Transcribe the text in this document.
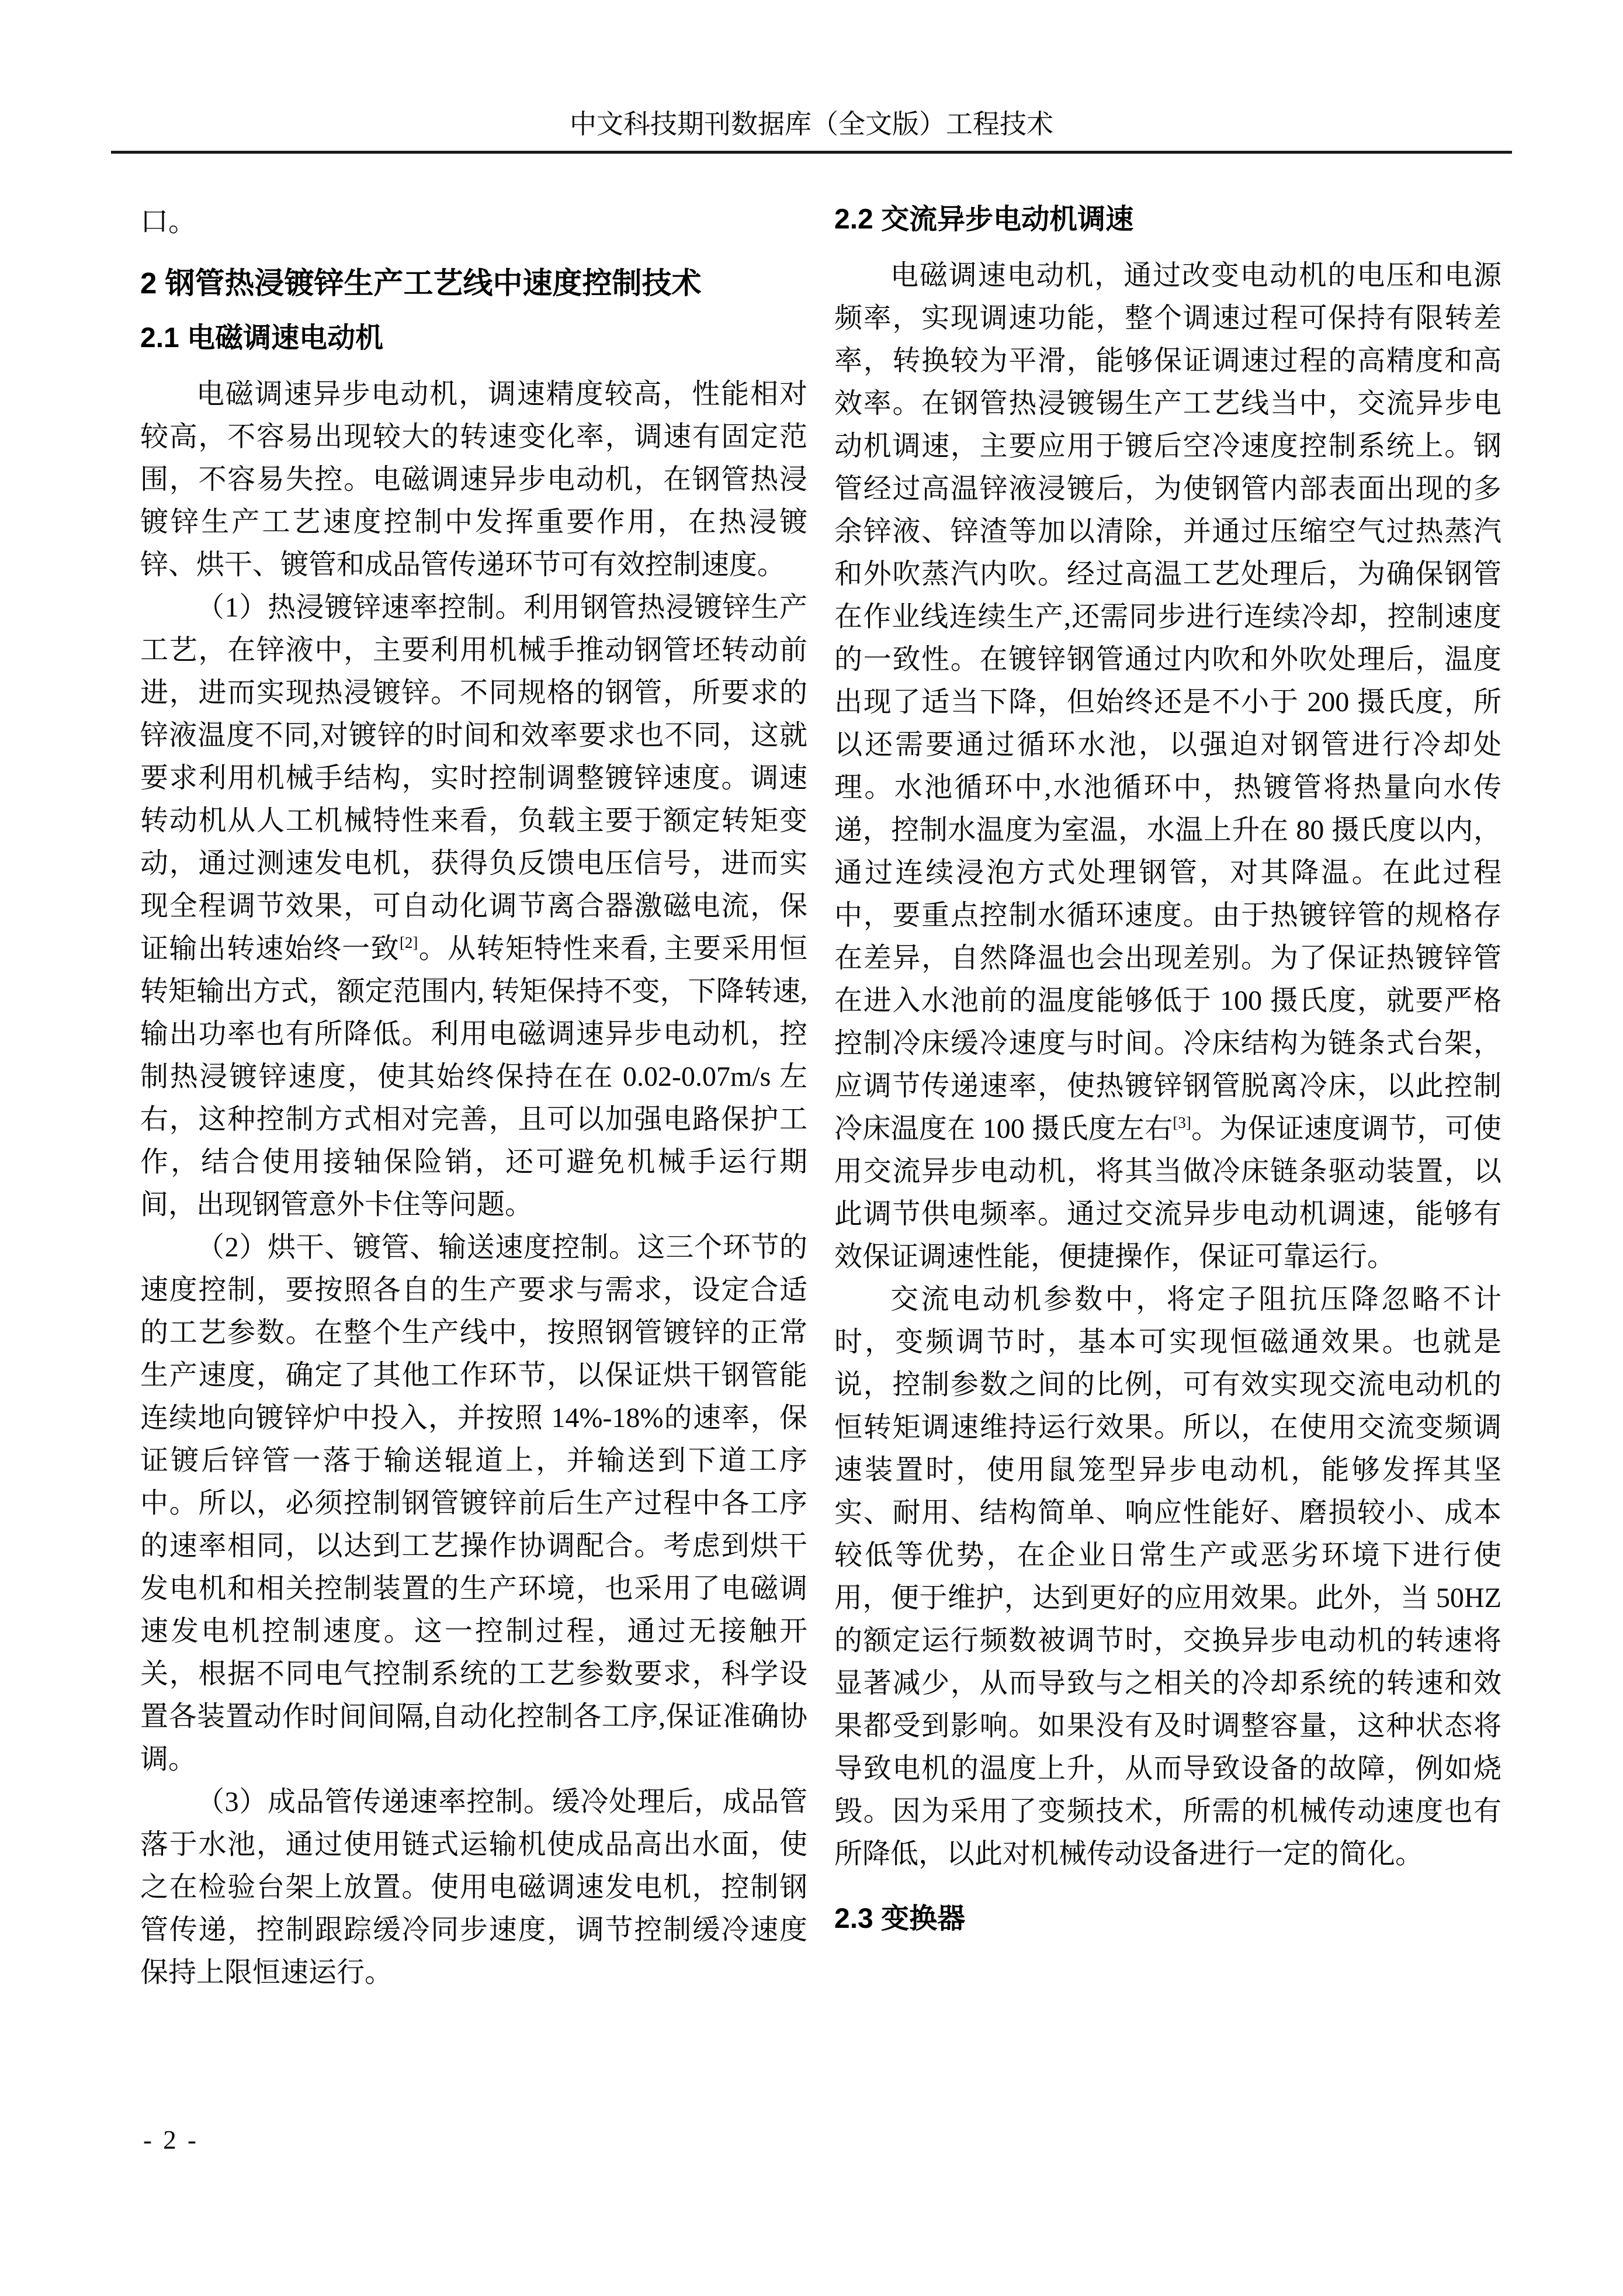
中文科技期刊数据库（全文版）工程技术

口。

2 钢管热浸镀锌生产工艺线中速度控制技术
2.1 电磁调速电动机

电磁调速异步电动机，调速精度较高，性能相对较高，不容易出现较大的转速变化率，调速有固定范围，不容易失控。电磁调速异步电动机，在钢管热浸镀锌生产工艺速度控制中发挥重要作用，在热浸镀锌、烘干、镀管和成品管传递环节可有效控制速度。

（1）热浸镀锌速率控制。利用钢管热浸镀锌生产工艺，在锌液中，主要利用机械手推动钢管坯转动前进，进而实现热浸镀锌。不同规格的钢管，所要求的锌液温度不同,对镀锌的时间和效率要求也不同，这就要求利用机械手结构，实时控制调整镀锌速度。调速转动机从人工机械特性来看，负载主要于额定转矩变动，通过测速发电机，获得负反馈电压信号，进而实现全程调节效果，可自动化调节离合器激磁电流，保证输出转速始终一致[2]。从转矩特性来看, 主要采用恒转矩输出方式，额定范围内, 转矩保持不变，下降转速, 输出功率也有所降低。利用电磁调速异步电动机，控制热浸镀锌速度，使其始终保持在在 0.02-0.07m/s 左右，这种控制方式相对完善，且可以加强电路保护工作，结合使用接轴保险销，还可避免机械手运行期间，出现钢管意外卡住等问题。

（2）烘干、镀管、输送速度控制。这三个环节的速度控制，要按照各自的生产要求与需求，设定合适的工艺参数。在整个生产线中，按照钢管镀锌的正常生产速度，确定了其他工作环节，以保证烘干钢管能连续地向镀锌炉中投入，并按照 14%-18%的速率，保证镀后锌管一落于输送辊道上，并输送到下道工序中。所以，必须控制钢管镀锌前后生产过程中各工序的速率相同，以达到工艺操作协调配合。考虑到烘干发电机和相关控制装置的生产环境，也采用了电磁调速发电机控制速度。这一控制过程，通过无接触开关，根据不同电气控制系统的工艺参数要求，科学设置各装置动作时间间隔,自动化控制各工序,保证准确协调。

（3）成品管传递速率控制。缓冷处理后，成品管落于水池，通过使用链式运输机使成品高出水面，使之在检验台架上放置。使用电磁调速发电机，控制钢管传递，控制跟踪缓冷同步速度，调节控制缓冷速度保持上限恒速运行。

2.2 交流异步电动机调速

电磁调速电动机，通过改变电动机的电压和电源频率，实现调速功能，整个调速过程可保持有限转差率，转换较为平滑，能够保证调速过程的高精度和高效率。在钢管热浸镀锡生产工艺线当中，交流异步电动机调速，主要应用于镀后空冷速度控制系统上。钢管经过高温锌液浸镀后，为使钢管内部表面出现的多余锌液、锌渣等加以清除，并通过压缩空气过热蒸汽和外吹蒸汽内吹。经过高温工艺处理后，为确保钢管在作业线连续生产,还需同步进行连续冷却，控制速度的一致性。在镀锌钢管通过内吹和外吹处理后，温度出现了适当下降，但始终还是不小于 200 摄氏度，所以还需要通过循环水池，以强迫对钢管进行冷却处理。水池循环中,水池循环中，热镀管将热量向水传递，控制水温度为室温，水温上升在 80 摄氏度以内，通过连续浸泡方式处理钢管，对其降温。在此过程中，要重点控制水循环速度。由于热镀锌管的规格存在差异，自然降温也会出现差别。为了保证热镀锌管在进入水池前的温度能够低于 100 摄氏度，就要严格控制冷床缓冷速度与时间。冷床结构为链条式台架，应调节传递速率，使热镀锌钢管脱离冷床，以此控制冷床温度在 100 摄氏度左右[3]。为保证速度调节，可使用交流异步电动机，将其当做冷床链条驱动装置，以此调节供电频率。通过交流异步电动机调速，能够有效保证调速性能，便捷操作，保证可靠运行。

交流电动机参数中，将定子阻抗压降忽略不计时，变频调节时，基本可实现恒磁通效果。也就是说，控制参数之间的比例，可有效实现交流电动机的恒转矩调速维持运行效果。所以，在使用交流变频调速装置时，使用鼠笼型异步电动机，能够发挥其坚实、耐用、结构简单、响应性能好、磨损较小、成本较低等优势，在企业日常生产或恶劣环境下进行使用，便于维护，达到更好的应用效果。此外，当 50HZ 的额定运行频数被调节时，交换异步电动机的转速将显著减少，从而导致与之相关的冷却系统的转速和效果都受到影响。如果没有及时调整容量，这种状态将导致电机的温度上升，从而导致设备的故障，例如烧毁。因为采用了变频技术，所需的机械传动速度也有所降低，以此对机械传动设备进行一定的简化。

2.3 变换器
- 2 -
